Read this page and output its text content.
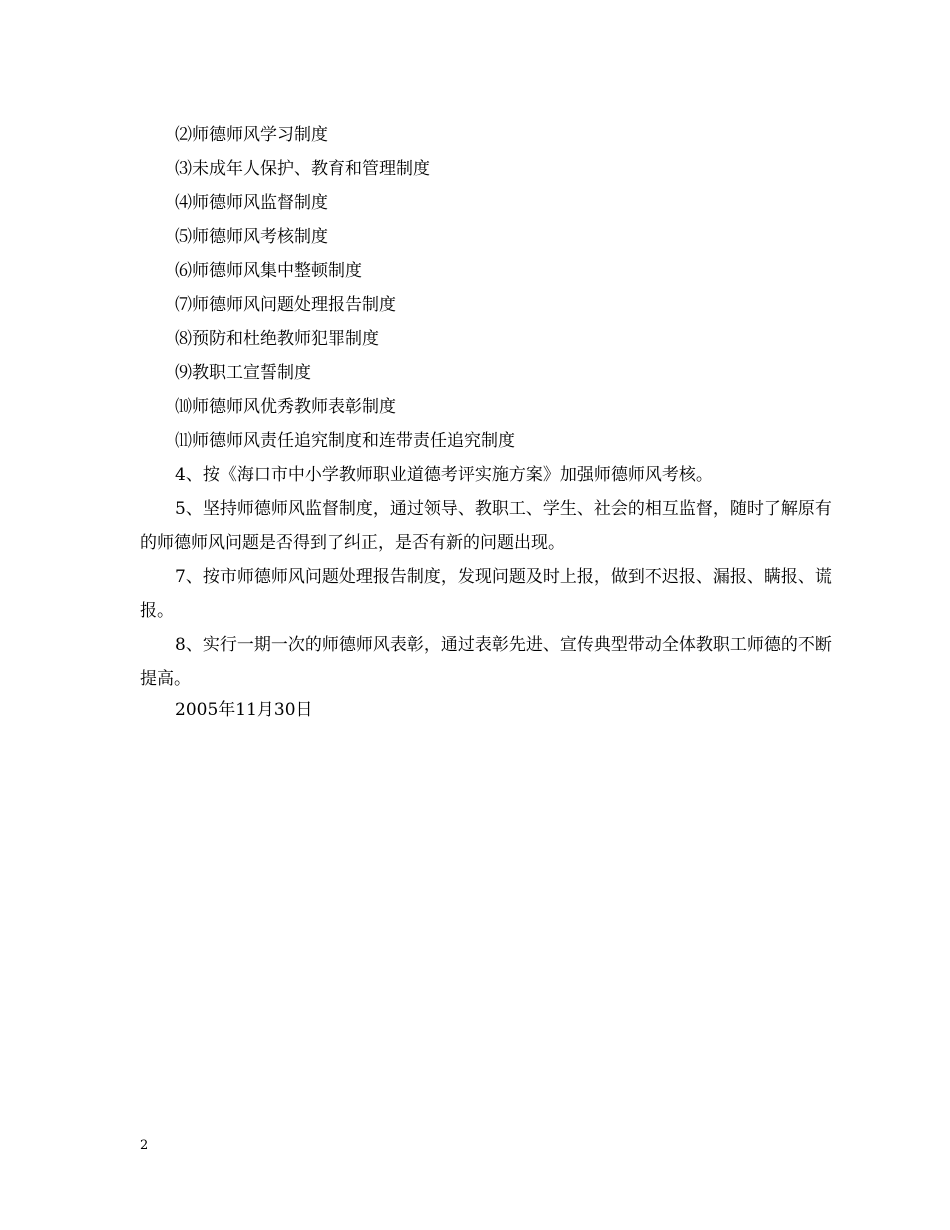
⑵师德师风学习制度
⑶未成年人保护、教育和管理制度
⑷师德师风监督制度
⑸师德师风考核制度
⑹师德师风集中整顿制度
⑺师德师风问题处理报告制度
⑻预防和杜绝教师犯罪制度
⑼教职工宣誓制度
⑽师德师风优秀教师表彰制度
⑾师德师风责任追究制度和连带责任追究制度

4、按《海口市中小学教师职业道德考评实施方案》加强师德师风考核。

5、坚持师德师风监督制度，通过领导、教职工、学生、社会的相互监督，随时了解原有的师德师风问题是否得到了纠正，是否有新的问题出现。

7、按市师德师风问题处理报告制度，发现问题及时上报，做到不迟报、漏报、瞒报、谎报。

8、实行一期一次的师德师风表彰，通过表彰先进、宣传典型带动全体教职工师德的不断提高。

2005年11月30日
2
